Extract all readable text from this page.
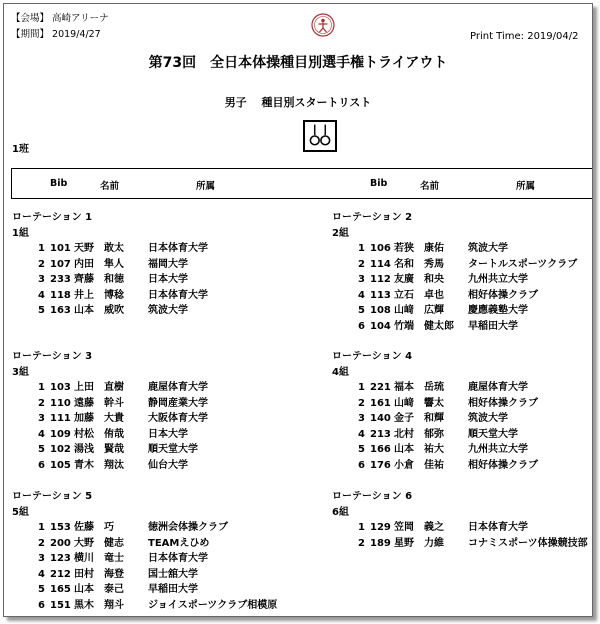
【会場】 高崎アリーナ
【期間】 2019/4/27	Print Time: 2019/04/2
第73回　全日本体操種目別選手権トライアウト
男子　 種目別スタートリスト
1班
Bib	名前	所属	Bib	名前	所属
ローテーション 1
1組
1 101 天野　敢太 日本体育大学
2 107 内田　隼人 福岡大学
3 233 齊藤　和徳 日本大学
4 118 井上　博稔 日本体育大学
5 163 山本　威吹 筑波大学
ローテーション 2
2組
1 106 若狭　康佑 筑波大学
2 114 名和　秀馬 タートルスポーツクラブ
3 112 友廣　和央 九州共立大学
4 113 立石　卓也 相好体操クラブ
5 108 山﨑　広輝 慶應義塾大学
6 104 竹端　健太郎 早稲田大学
ローテーション 3
3組
1 103 上田　直樹 鹿屋体育大学
2 110 遠藤　幹斗 静岡産業大学
3 111 加藤　大貴 大阪体育大学
4 109 村松　侑哉 日本大学
5 102 湯浅　賢哉 順天堂大学
6 105 青木　翔汰 仙台大学
ローテーション 4
4組
1 221 福本　岳琉 鹿屋体育大学
2 161 山﨑　響太 相好体操クラブ
3 140 金子　和輝 筑波大学
4 213 北村　郁弥 順天堂大学
5 166 山本　祐大 九州共立大学
6 176 小倉　佳祐 相好体操クラブ
ローテーション 5
5組
1 153 佐藤　巧	徳洲会体操クラブ
2 200 大野　健志 TEAMえひめ
3 123 横川　竜士 日本体育大学
4 212 田村　海登 国士舘大学
5 165 山本　泰己 早稲田大学
6 151 黒木　翔斗 ジョイスポーツクラブ相模原
ローテーション 6
6組
1 129 笠岡　義之 日本体育大学
2 189 星野　力維 コナミスポーツ体操競技部
